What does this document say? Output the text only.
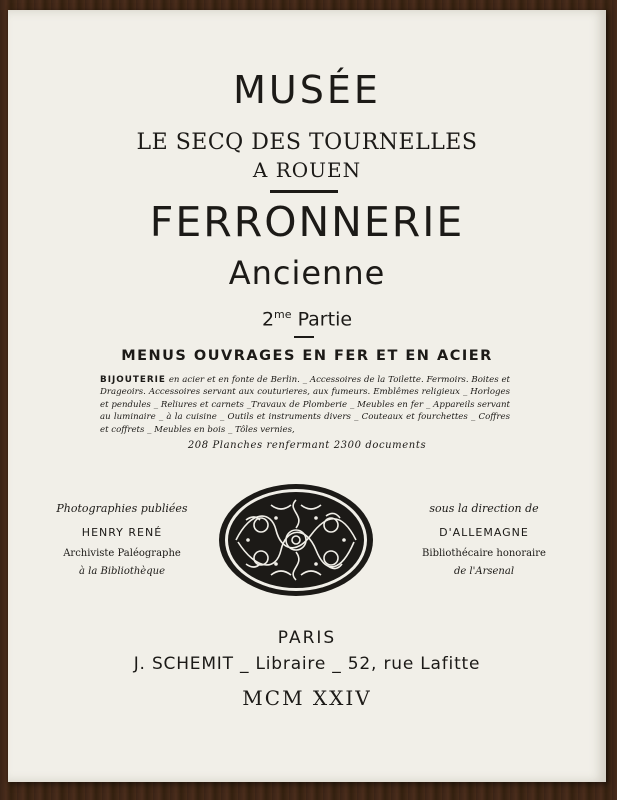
MUSÉE
LE SECQ DES TOURNELLES
A ROUEN
FERRONNERIE
Ancienne
$2^{me}$ Partie
MENUS OUVRAGES EN FER ET EN ACIER
BIJOUTERIE en acier et en fonte de Berlin. _ Accessoires de la Toilette. Fermoirs. Boites et Drageoirs. Accessoires servant aux couturieres, aux fumeurs. Emblêmes religieux _ Horloges et pendules _ Reliures et carnets _Travaux de Plomberie _ Meubles en fer _ Appareils servant au luminaire _ à la cuisine _ Outils et instruments divers _ Couteaux et fourchettes _ Coffres et coffrets _ Meubles en bois _ Tôles vernies,
208 Planches renfermant 2300 documents
Photographies publiées
HENRY RENÉ
Archiviste Paléographe
à la Bibliothèque
sous la direction de
D'ALLEMAGNE
Bibliothécaire honoraire
de l'Arsenal
PARIS
J. SCHEMIT _ Libraire _ 52, rue Lafitte
MCM XXIV
